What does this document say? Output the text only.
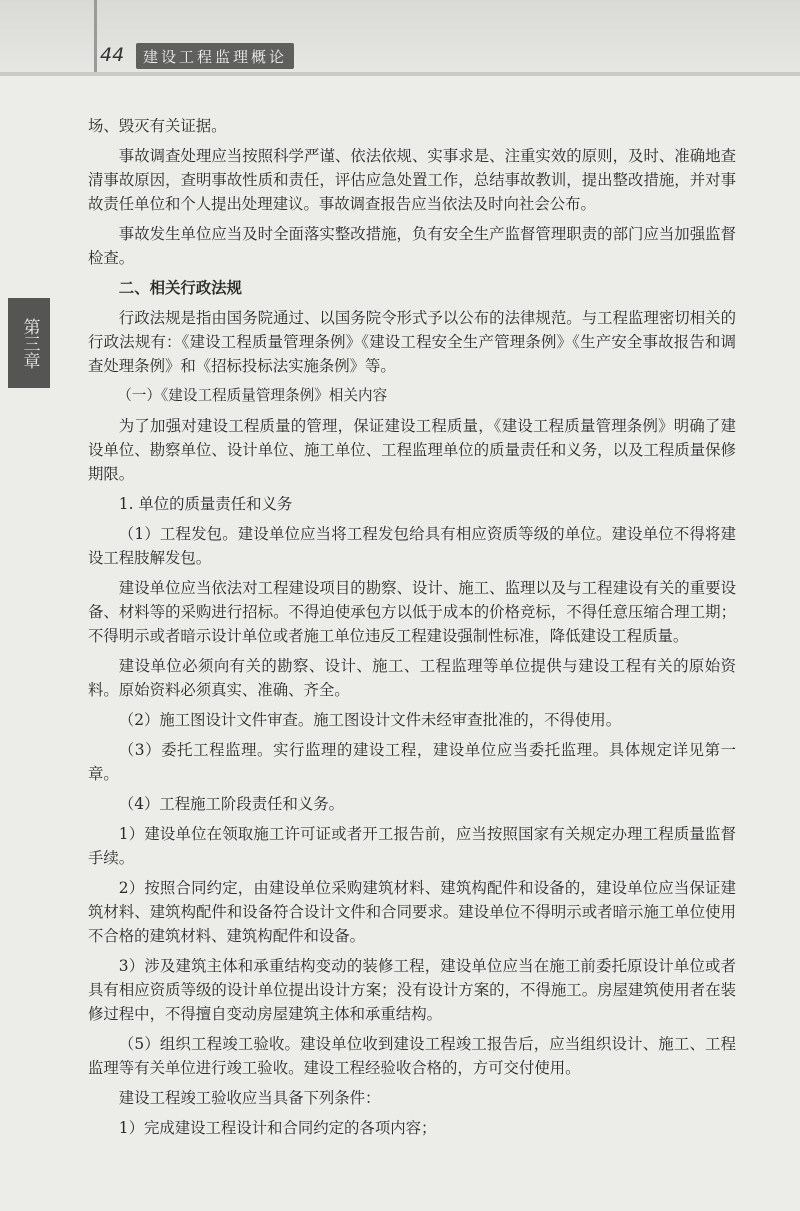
44	建设工程监理概论
第三章

场、毁灭有关证据。

事故调查处理应当按照科学严谨、依法依规、实事求是、注重实效的原则，及时、准确地查清事故原因，查明事故性质和责任，评估应急处置工作，总结事故教训，提出整改措施，并对事故责任单位和个人提出处理建议。事故调查报告应当依法及时向社会公布。

事故发生单位应当及时全面落实整改措施，负有安全生产监督管理职责的部门应当加强监督检查。

二、相关行政法规

行政法规是指由国务院通过、以国务院令形式予以公布的法律规范。与工程监理密切相关的行政法规有：《建设工程质量管理条例》《建设工程安全生产管理条例》《生产安全事故报告和调查处理条例》和《招标投标法实施条例》等。

（一）《建设工程质量管理条例》相关内容

为了加强对建设工程质量的管理，保证建设工程质量，《建设工程质量管理条例》明确了建设单位、勘察单位、设计单位、施工单位、工程监理单位的质量责任和义务，以及工程质量保修期限。

1. 单位的质量责任和义务

（1）工程发包。建设单位应当将工程发包给具有相应资质等级的单位。建设单位不得将建设工程肢解发包。

建设单位应当依法对工程建设项目的勘察、设计、施工、监理以及与工程建设有关的重要设备、材料等的采购进行招标。不得迫使承包方以低于成本的价格竞标，不得任意压缩合理工期；不得明示或者暗示设计单位或者施工单位违反工程建设强制性标准，降低建设工程质量。

建设单位必须向有关的勘察、设计、施工、工程监理等单位提供与建设工程有关的原始资料。原始资料必须真实、准确、齐全。

（2）施工图设计文件审查。施工图设计文件未经审查批准的，不得使用。

（3）委托工程监理。实行监理的建设工程，建设单位应当委托监理。具体规定详见第一章。

（4）工程施工阶段责任和义务。

1）建设单位在领取施工许可证或者开工报告前，应当按照国家有关规定办理工程质量监督手续。

2）按照合同约定，由建设单位采购建筑材料、建筑构配件和设备的，建设单位应当保证建筑材料、建筑构配件和设备符合设计文件和合同要求。建设单位不得明示或者暗示施工单位使用不合格的建筑材料、建筑构配件和设备。

3）涉及建筑主体和承重结构变动的装修工程，建设单位应当在施工前委托原设计单位或者具有相应资质等级的设计单位提出设计方案；没有设计方案的，不得施工。房屋建筑使用者在装修过程中，不得擅自变动房屋建筑主体和承重结构。

（5）组织工程竣工验收。建设单位收到建设工程竣工报告后，应当组织设计、施工、工程监理等有关单位进行竣工验收。建设工程经验收合格的，方可交付使用。

建设工程竣工验收应当具备下列条件：

1）完成建设工程设计和合同约定的各项内容；
